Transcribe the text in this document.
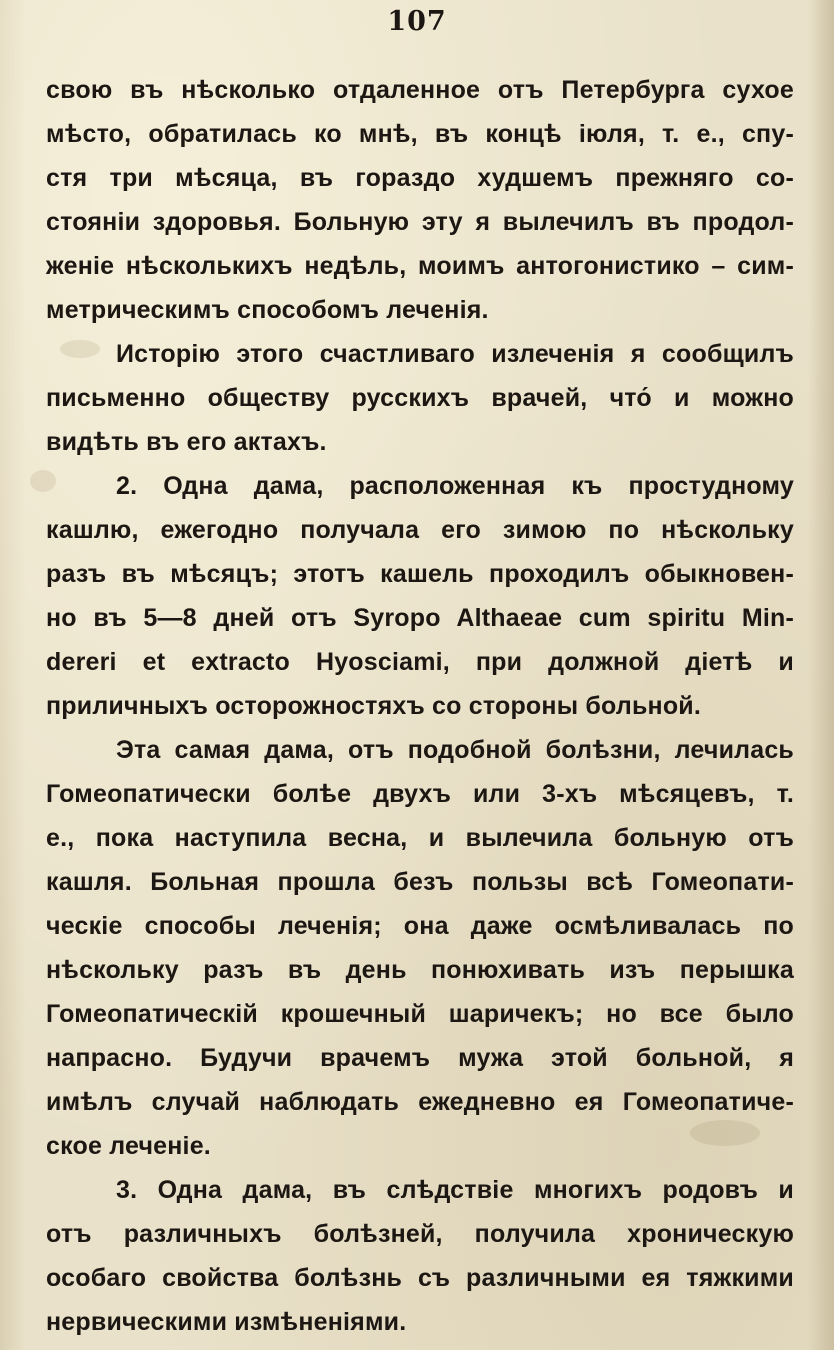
107
свою въ нѣсколько отдаленное отъ Петербурга сухое
мѣсто, обратилась ко мнѣ, въ концѣ іюля, т. е., спу-
стя три мѣсяца, въ гораздо худшемъ прежняго со-
стояніи здоровья. Больную эту я вылечилъ въ продол-
женіе нѣсколькихъ недѣль, моимъ антогонистико – сим-
метрическимъ способомъ леченія.
Исторію этого счастливаго излеченія я сообщилъ
письменно обществу русскихъ врачей, что́ и можно
видѣть въ его актахъ.
2. Одна дама, расположенная къ простудному
кашлю, ежегодно получала его зимою по нѣскольку
разъ въ мѣсяцъ; этотъ кашель проходилъ обыкновен-
но въ 5—8 дней отъ Syropo Althaeae cum spiritu Min-
dereri et extracto Hyosciami, при должной діетѣ и
приличныхъ осторожностяхъ со стороны больной.
Эта самая дама, отъ подобной болѣзни, лечилась
Гомеопатически болѣе двухъ или 3-хъ мѣсяцевъ, т.
е., пока наступила весна, и вылечила больную отъ
кашля. Больная прошла безъ пользы всѣ Гомеопати-
ческіе способы леченія; она даже осмѣливалась по
нѣскольку разъ въ день понюхивать изъ перышка
Гомеопатическій крошечный шаричекъ; но все было
напрасно. Будучи врачемъ мужа этой больной, я
имѣлъ случай наблюдать ежедневно ея Гомеопатиче-
ское леченіе.
3. Одна дама, въ слѣдствіе многихъ родовъ и
отъ различныхъ болѣзней, получила хроническую
особаго свойства болѣзнь съ различными ея тяжкими
нервическими измѣненіями.
